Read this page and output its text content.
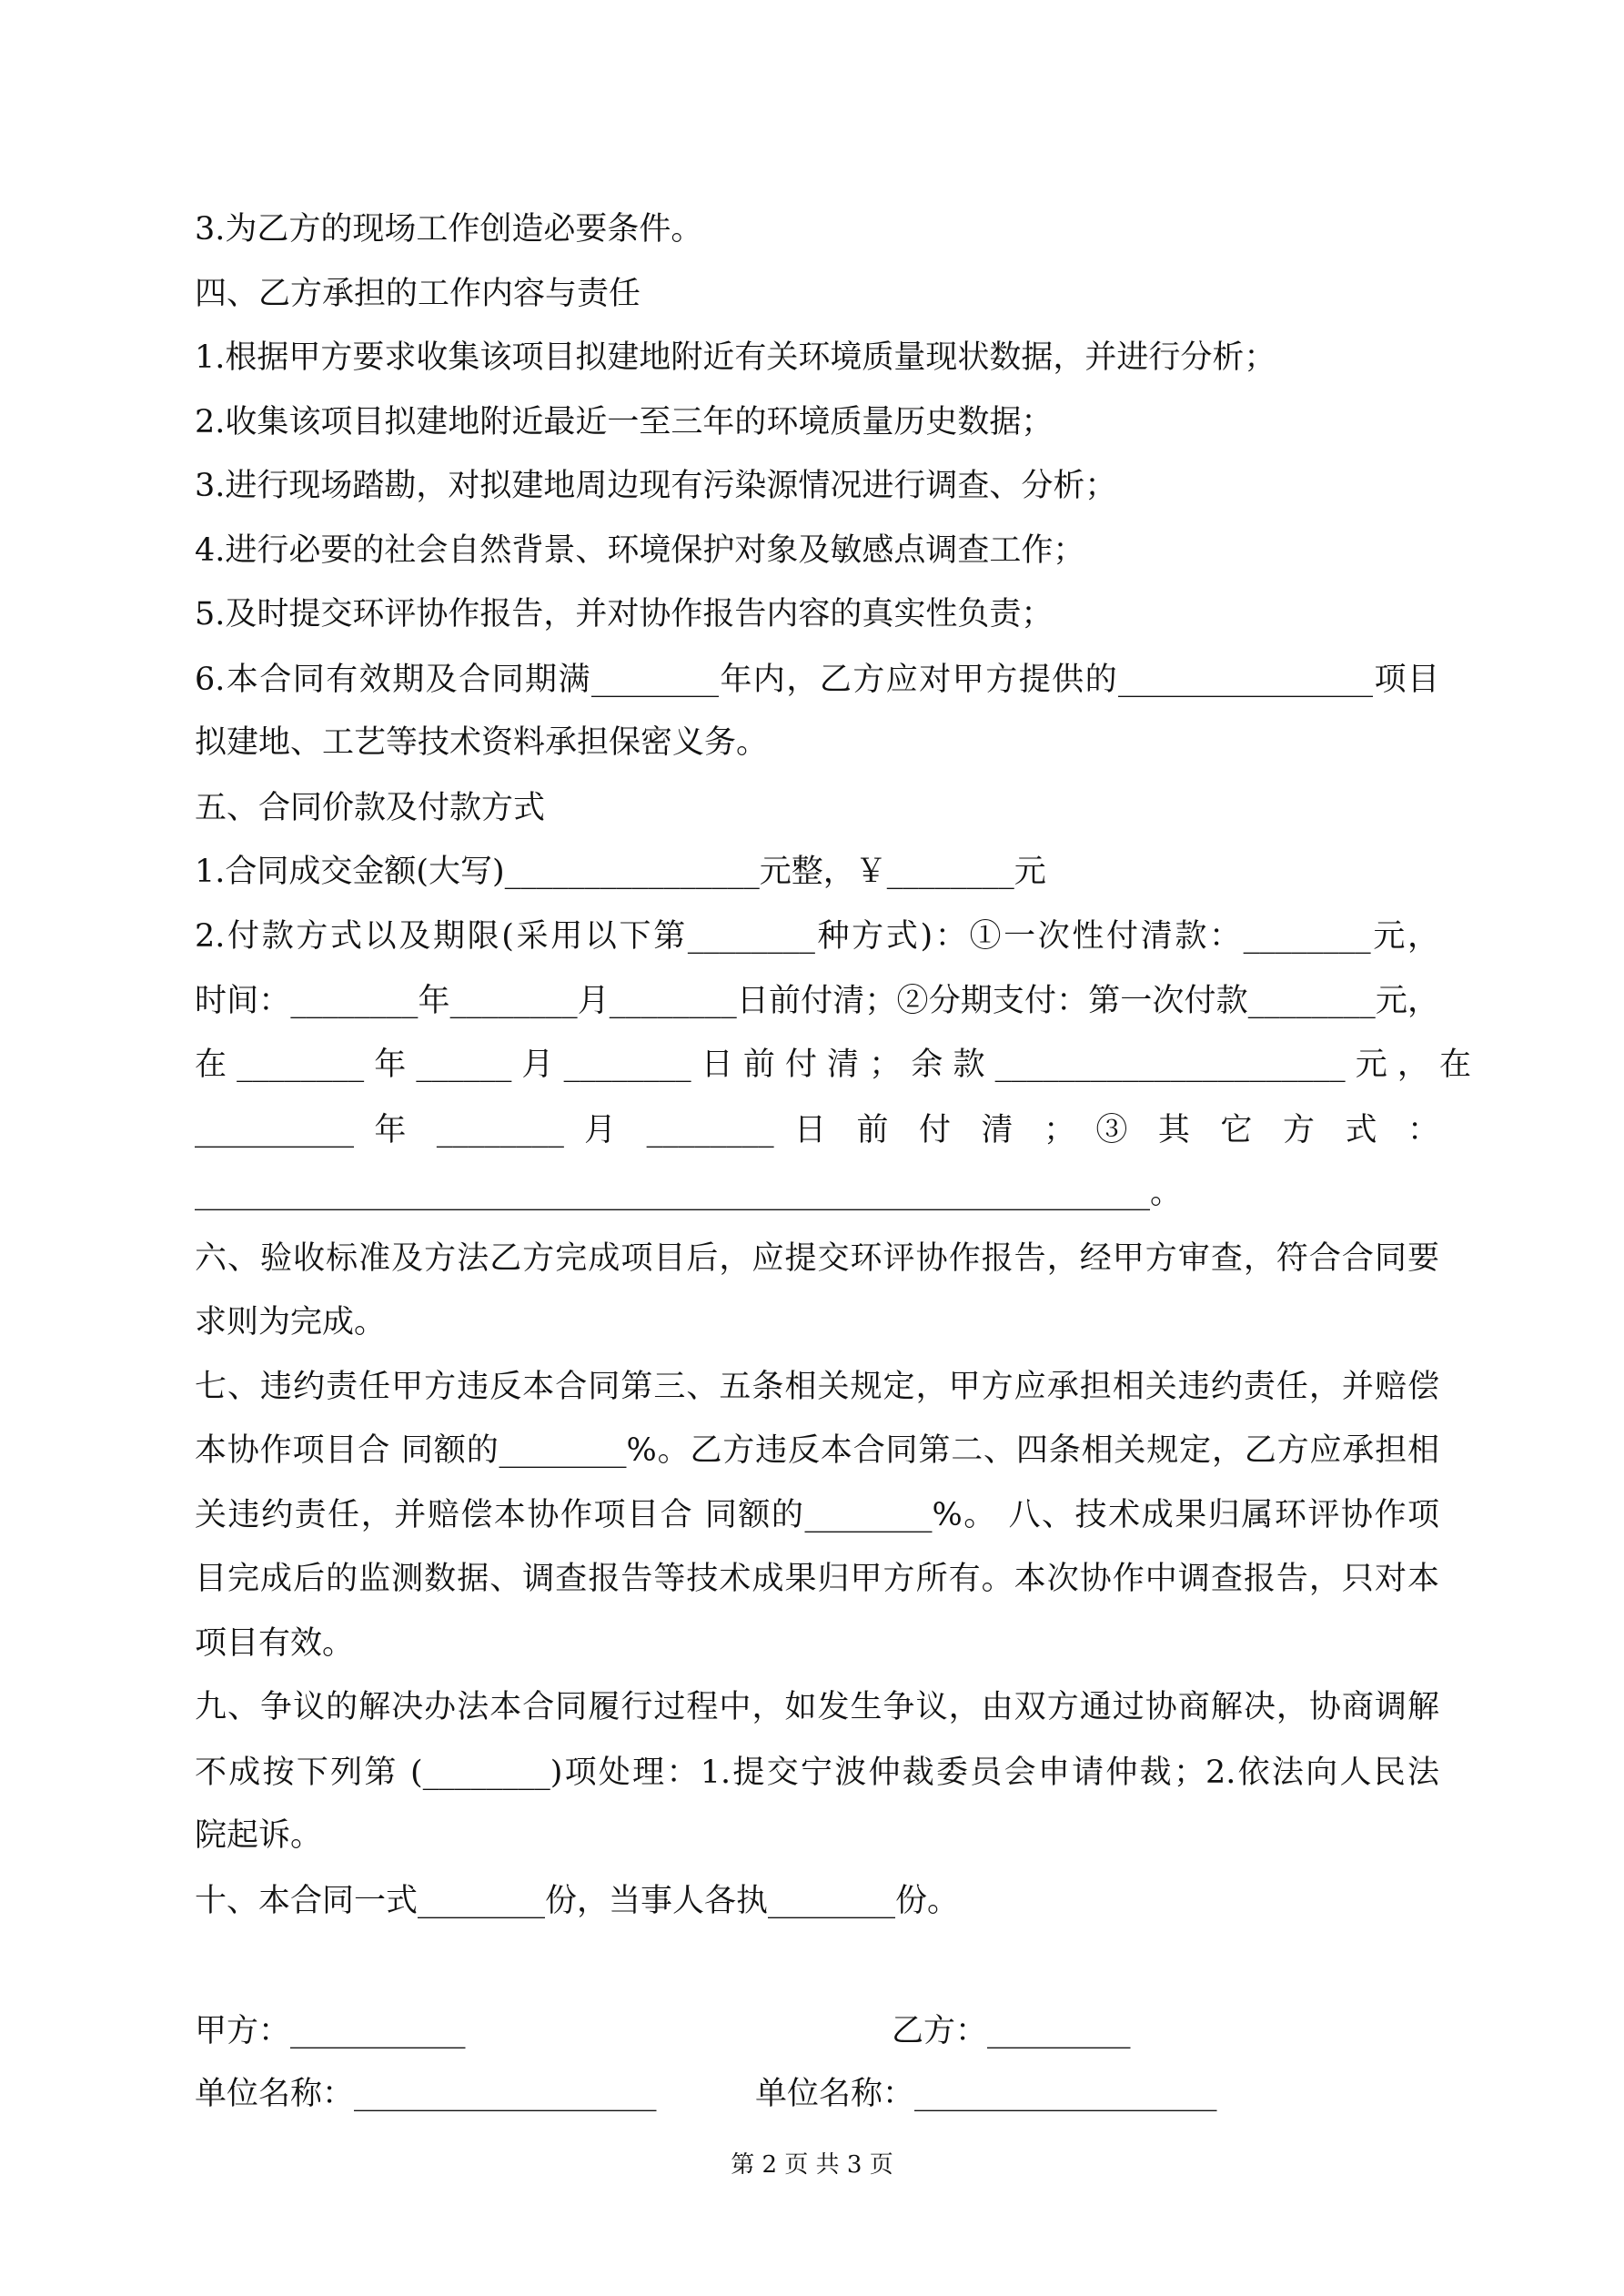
3.为乙方的现场工作创造必要条件。
四、乙方承担的工作内容与责任
1.根据甲方要求收集该项目拟建地附近有关环境质量现状数据，并进行分析；
2.收集该项目拟建地附近最近一至三年的环境质量历史数据；
3.进行现场踏勘，对拟建地周边现有污染源情况进行调查、分析；
4.进行必要的社会自然背景、环境保护对象及敏感点调查工作；
5.及时提交环评协作报告，并对协作报告内容的真实性负责；
6.本合同有效期及合同期满________年内，乙方应对甲方提供的________________项目
拟建地、工艺等技术资料承担保密义务。
五、合同价款及付款方式
1.合同成交金额(大写)________________元整，￥________元
2.付款方式以及期限(采用以下第________种方式)：①一次性付清款：________元，
时间：________年________月________日前付清；②分期支付：第一次付款________元，
在 ________ 年 ______ 月 ________ 日 前 付 清 ； 余 款 ______________________ 元 ， 在
__________ 年 ________ 月 ________ 日 前 付 清 ； ③ 其 它 方 式 ：
____________________________________________________________。
六、验收标准及方法乙方完成项目后，应提交环评协作报告，经甲方审查，符合合同要
求则为完成。
七、违约责任甲方违反本合同第三、五条相关规定，甲方应承担相关违约责任，并赔偿
本协作项目合 同额的________%。乙方违反本合同第二、四条相关规定，乙方应承担相
关违约责任，并赔偿本协作项目合 同额的________%。 八、技术成果归属环评协作项
目完成后的监测数据、调查报告等技术成果归甲方所有。本次协作中调查报告，只对本
项目有效。
九、争议的解决办法本合同履行过程中，如发生争议，由双方通过协商解决，协商调解
不成按下列第 (________)项处理：1.提交宁波仲裁委员会申请仲裁；2.依法向人民法
院起诉。
十、本合同一式________份，当事人各执________份。
甲方：___________	乙方：_________
单位名称：___________________	单位名称：___________________
第 2 页 共 3 页
